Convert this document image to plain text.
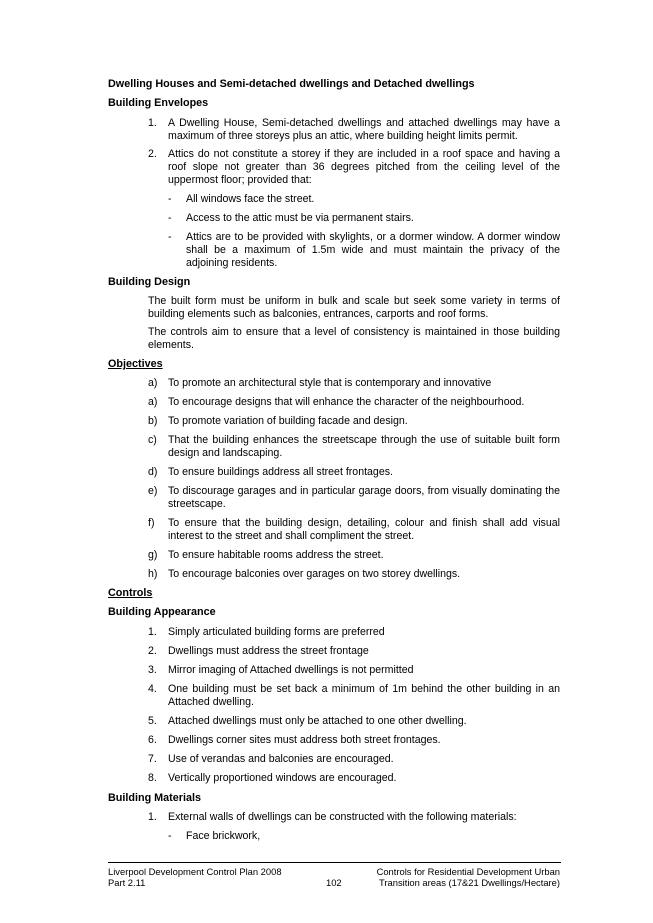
Dwelling Houses and Semi-detached dwellings and Detached dwellings
Building Envelopes
1. A Dwelling House, Semi-detached dwellings and attached dwellings may have a maximum of three storeys plus an attic, where building height limits permit.
2. Attics do not constitute a storey if they are included in a roof space and having a roof slope not greater than 36 degrees pitched from the ceiling level of the uppermost floor; provided that:
- All windows face the street.
- Access to the attic must be via permanent stairs.
- Attics are to be provided with skylights, or a dormer window. A dormer window shall be a maximum of 1.5m wide and must maintain the privacy of the adjoining residents.
Building Design
The built form must be uniform in bulk and scale but seek some variety in terms of building elements such as balconies, entrances, carports and roof forms.
The controls aim to ensure that a level of consistency is maintained in those building elements.
Objectives
a) To promote an architectural style that is contemporary and innovative
a) To encourage designs that will enhance the character of the neighbourhood.
b) To promote variation of building facade and design.
c) That the building enhances the streetscape through the use of suitable built form design and landscaping.
d) To ensure buildings address all street frontages.
e) To discourage garages and in particular garage doors, from visually dominating the streetscape.
f) To ensure that the building design, detailing, colour and finish shall add visual interest to the street and shall compliment the street.
g) To ensure habitable rooms address the street.
h) To encourage balconies over garages on two storey dwellings.
Controls
Building Appearance
1. Simply articulated building forms are preferred
2. Dwellings must address the street frontage
3. Mirror imaging of Attached dwellings is not permitted
4. One building must be set back a minimum of 1m behind the other building in an Attached dwelling.
5. Attached dwellings must only be attached to one other dwelling.
6. Dwellings corner sites must address both street frontages.
7. Use of verandas and balconies are encouraged.
8. Vertically proportioned windows are encouraged.
Building Materials
1. External walls of dwellings can be constructed with the following materials:
- Face brickwork,
Liverpool Development Control Plan 2008
Part 2.11	102
Controls for Residential Development Urban
Transition areas (17&21 Dwellings/Hectare)
